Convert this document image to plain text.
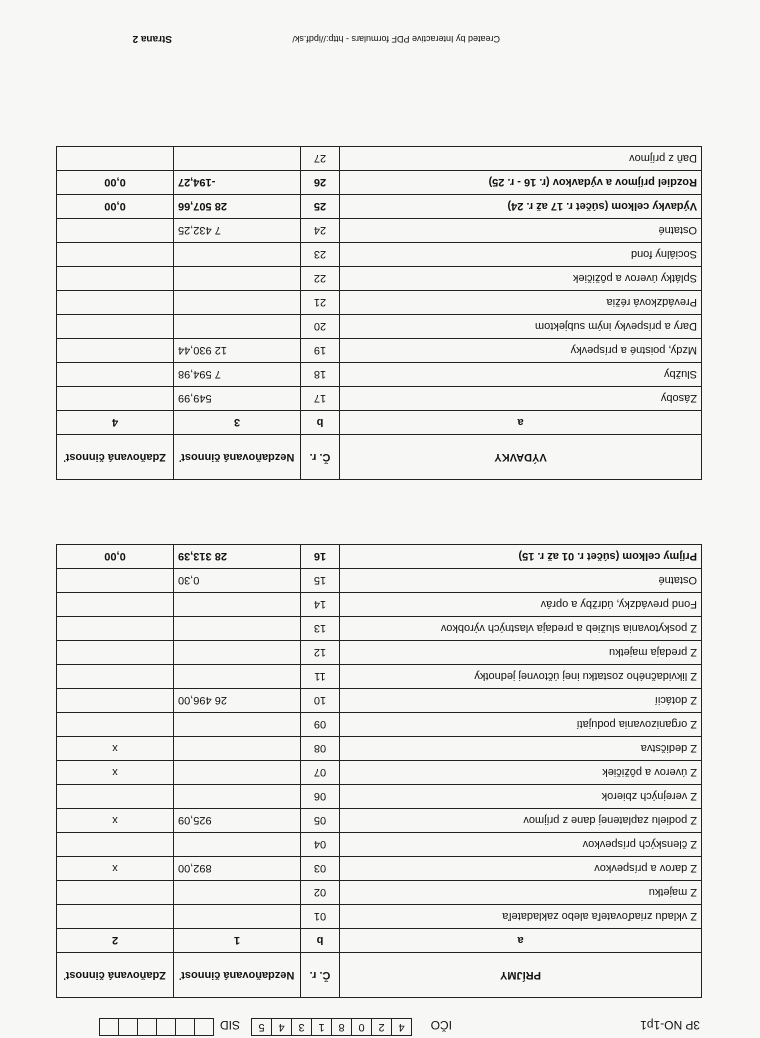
3P NO-1p1
IČO
4
2
0
8
1
3
4
5
SID
PRÍJMY	Č. r.	Nezdaňovaná činnosť	Zdaňovaná činnosť
a	b	1	2
Z vkladu zriaďovateľa alebo zakladateľa	01		
Z majetku	02		
Z darov a príspevkov	03	892,00	x
Z členských príspevkov	04		
Z podielu zaplatenej dane z príjmov	05	925,09	x
Z verejných zbierok	06		
Z úverov a pôžičiek	07		x
Z dedičstva	08		x
Z organizovania podujatí	09		
Z dotácií	10	26 496,00	
Z likvidačného zostatku inej účtovnej jednotky	11		
Z predaja majetku	12		
Z poskytovania služieb a predaja vlastných výrobkov	13		
Fond prevádzky, údržby a opráv	14		
Ostatné	15	0,30	
Príjmy celkom (súčet r. 01 až r. 15)	16	28 313,39	0,00
VÝDAVKY	Č. r.	Nezdaňovaná činnosť	Zdaňovaná činnosť
a	b	3	4
Zásoby	17	549,99	
Služby	18	7 594,98	
Mzdy, poistné a príspevky	19	12 930,44	
Dary a príspevky iným subjektom	20		
Prevádzková réžia	21		
Splátky úverov a pôžičiek	22		
Sociálny fond	23		
Ostatné	24	7 432,25	
Výdavky celkom (súčet r. 17 až r. 24)	25	28 507,66	0,00
Rozdiel príjmov a výdavkov (r. 16 - r. 25)	26	-194,27	0,00
Daň z príjmov	27		
Created by Interactive PDF formulars - http://ipdf.sk/
Strana 2
